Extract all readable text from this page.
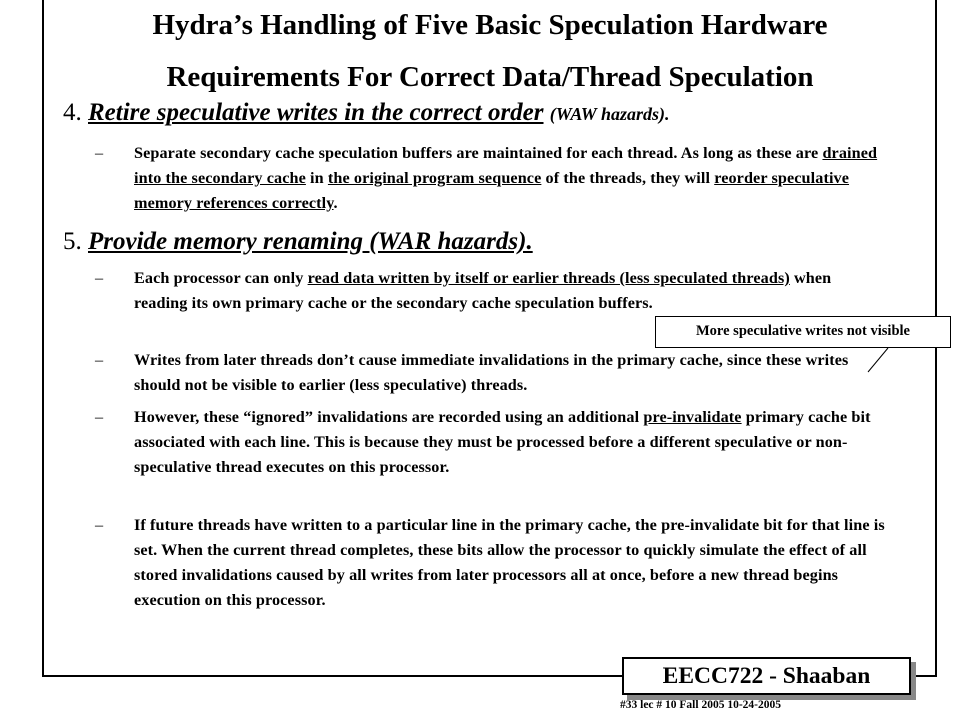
Hydra’s Handling of Five Basic Speculation Hardware
Requirements For Correct Data/Thread Speculation
4. Retire speculative writes in the correct order (WAW hazards).
– Separate secondary cache speculation buffers are maintained for each thread. As long as these are drained into the secondary cache in the original program sequence of the threads, they will reorder speculative memory references correctly.
5. Provide memory renaming (WAR hazards).
– Each processor can only read data written by itself or earlier threads (less speculated threads) when reading its own primary cache or the secondary cache speculation buffers.
– Writes from later threads don’t cause immediate invalidations in the primary cache, since these writes should not be visible to earlier (less speculative) threads.
– However, these “ignored” invalidations are recorded using an additional pre-invalidate primary cache bit associated with each line. This is because they must be processed before a different speculative or non-speculative thread executes on this processor.
– If future threads have written to a particular line in the primary cache, the pre-invalidate bit for that line is set. When the current thread completes, these bits allow the processor to quickly simulate the effect of all stored invalidations caused by all writes from later processors all at once, before a new thread begins execution on this processor.
More speculative writes not visible
EECC722 - Shaaban
#33 lec # 10 Fall 2005 10-24-2005
